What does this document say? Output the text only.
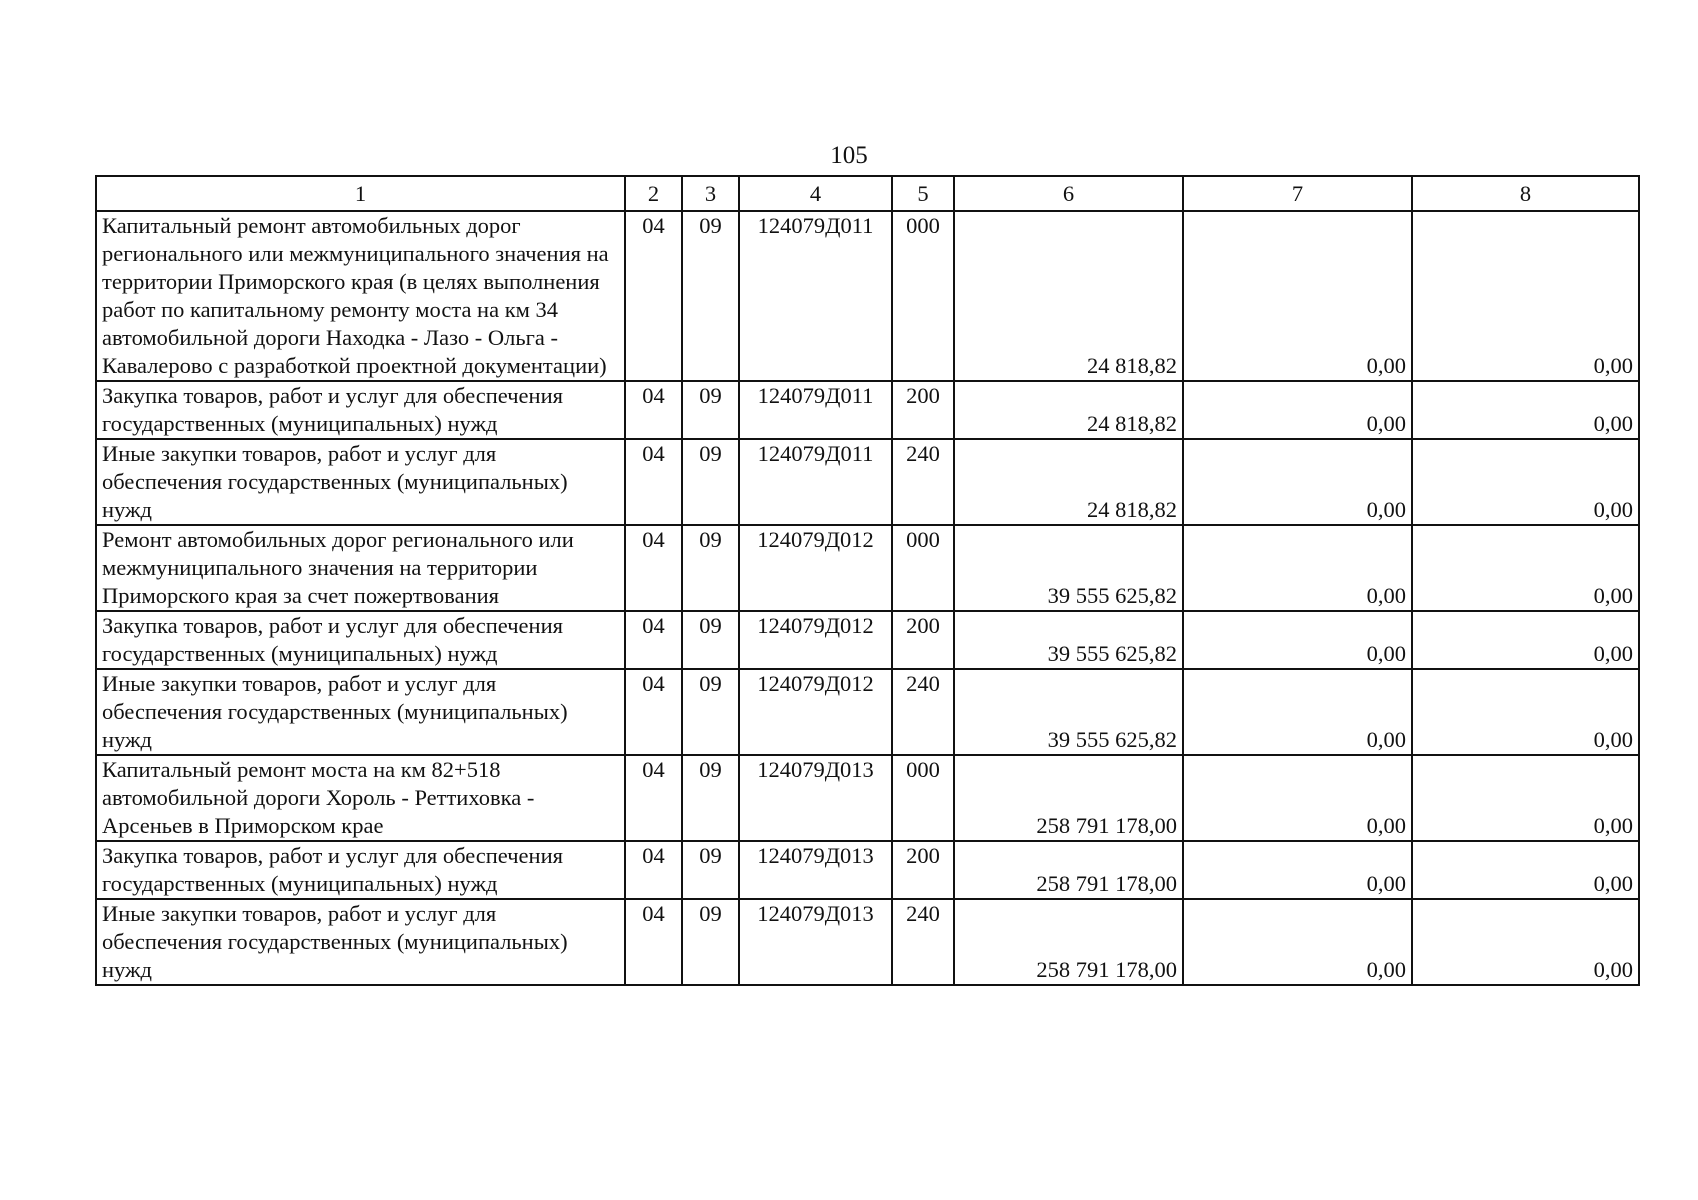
105
1	2	3	4	5	6	7	8
Капитальный ремонт автомобильных дорог регионального или межмуниципального значения на территории Приморского края (в целях выполнения работ по капитальному ремонту моста на км 34 автомобильной дороги Находка - Лазо - Ольга - Кавалерово с разработкой проектной документации)	04	09	124079Д011	000	24 818,82	0,00	0,00
Закупка товаров, работ и услуг для обеспечения государственных (муниципальных) нужд	04	09	124079Д011	200	24 818,82	0,00	0,00
Иные закупки товаров, работ и услуг для обеспечения государственных (муниципальных) нужд	04	09	124079Д011	240	24 818,82	0,00	0,00
Ремонт автомобильных дорог регионального или межмуниципального значения на территории Приморского края за счет пожертвования	04	09	124079Д012	000	39 555 625,82	0,00	0,00
Закупка товаров, работ и услуг для обеспечения государственных (муниципальных) нужд	04	09	124079Д012	200	39 555 625,82	0,00	0,00
Иные закупки товаров, работ и услуг для обеспечения государственных (муниципальных) нужд	04	09	124079Д012	240	39 555 625,82	0,00	0,00
Капитальный ремонт моста на км 82+518 автомобильной дороги Хороль - Реттиховка - Арсеньев в Приморском крае	04	09	124079Д013	000	258 791 178,00	0,00	0,00
Закупка товаров, работ и услуг для обеспечения государственных (муниципальных) нужд	04	09	124079Д013	200	258 791 178,00	0,00	0,00
Иные закупки товаров, работ и услуг для обеспечения государственных (муниципальных) нужд	04	09	124079Д013	240	258 791 178,00	0,00	0,00
